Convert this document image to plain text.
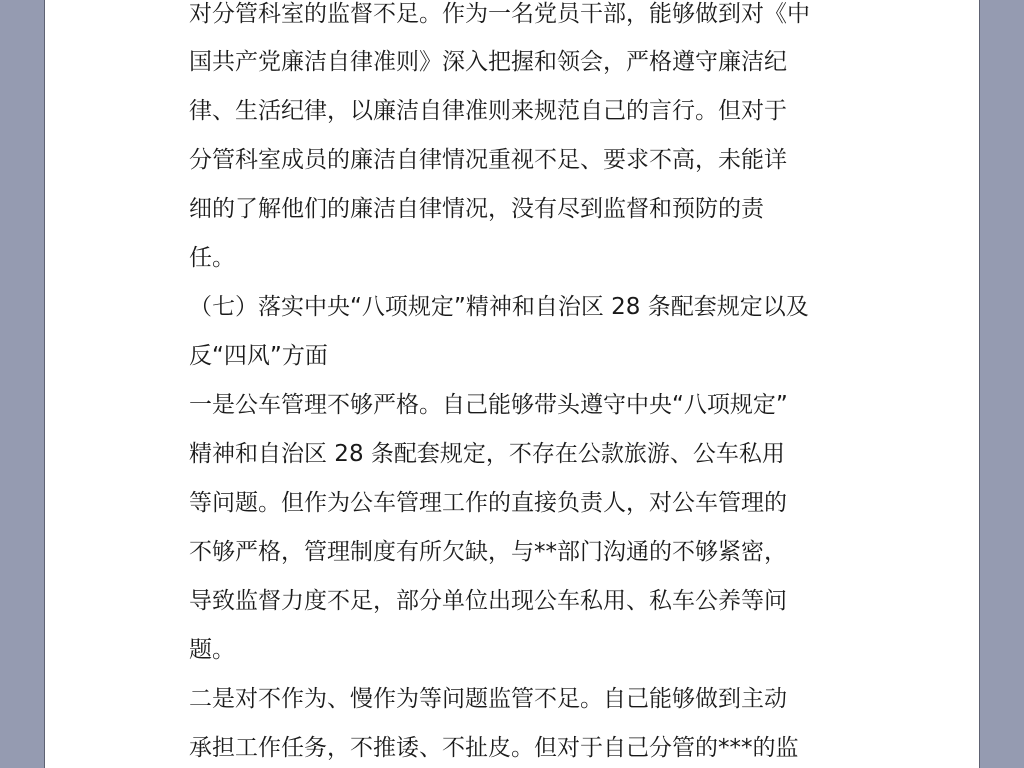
对分管科室的监督不足。作为一名党员干部，能够做到对《中
国共产党廉洁自律准则》深入把握和领会，严格遵守廉洁纪
律、生活纪律，以廉洁自律准则来规范自己的言行。但对于
分管科室成员的廉洁自律情况重视不足、要求不高，未能详
细的了解他们的廉洁自律情况，没有尽到监督和预防的责
任。
（七）落实中央“八项规定”精神和自治区 28 条配套规定以及
反“四风”方面
一是公车管理不够严格。自己能够带头遵守中央“八项规定”
精神和自治区 28 条配套规定，不存在公款旅游、公车私用
等问题。但作为公车管理工作的直接负责人，对公车管理的
不够严格，管理制度有所欠缺，与**部门沟通的不够紧密，
导致监督力度不足，部分单位出现公车私用、私车公养等问
题。
二是对不作为、慢作为等问题监管不足。自己能够做到主动
承担工作任务，不推诿、不扯皮。但对于自己分管的***的监
